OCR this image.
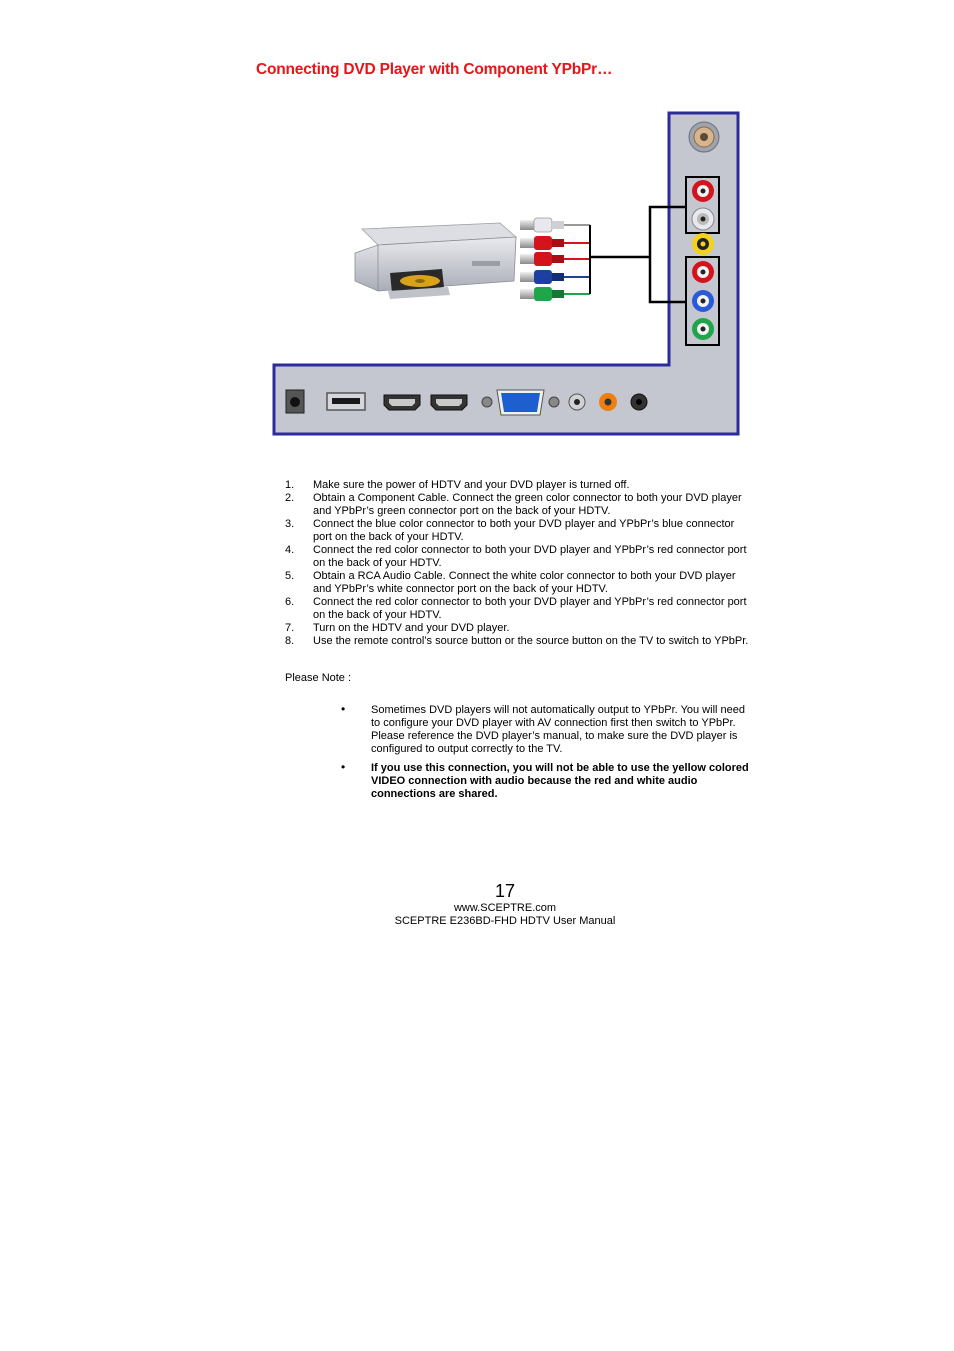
Connecting DVD Player with Component YPbPr…
1. Make sure the power of HDTV and your DVD player is turned off.
2. Obtain a Component Cable. Connect the green color connector to both your DVD player and YPbPr’s green connector port on the back of your HDTV.
3. Connect the blue color connector to both your DVD player and YPbPr’s blue connector port on the back of your HDTV.
4. Connect the red color connector to both your DVD player and YPbPr’s red connector port on the back of your HDTV.
5. Obtain a RCA Audio Cable. Connect the white color connector to both your DVD player and YPbPr’s white connector port on the back of your HDTV.
6. Connect the red color connector to both your DVD player and YPbPr’s red connector port on the back of your HDTV.
7. Turn on the HDTV and your DVD player.
8. Use the remote control’s source button or the source button on the TV to switch to YPbPr.
Please Note :
• Sometimes DVD players will not automatically output to YPbPr. You will need to configure your DVD player with AV connection first then switch to YPbPr. Please reference the DVD player’s manual, to make sure the DVD player is configured to output correctly to the TV.
• If you use this connection, you will not be able to use the yellow colored VIDEO connection with audio because the red and white audio connections are shared.
17
www.SCEPTRE.com
SCEPTRE E236BD-FHD HDTV User Manual
